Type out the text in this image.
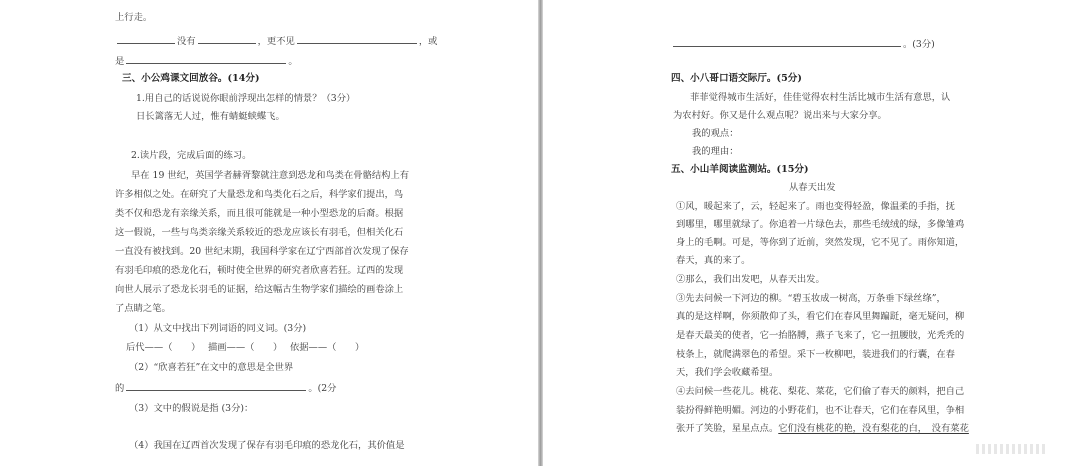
上行走。
没有	，更不见	，或
是	。
三、小公鸡课文回放谷。(14分)
1.用自己的话说说你眼前浮现出怎样的情景？（3分）
日长篱落无人过，惟有蜻蜓蛱蝶飞。
2.读片段，完成后面的练习。
早在 19 世纪，英国学者赫胥黎就注意到恐龙和鸟类在骨骼结构上有
许多相似之处。在研究了大量恐龙和鸟类化石之后，科学家们提出，鸟
类不仅和恐龙有亲缘关系，而且很可能就是一种小型恐龙的后裔。根据
这一假说，一些与鸟类亲缘关系较近的恐龙应该长有羽毛，但相关化石
一直没有被找到。20 世纪末期，我国科学家在辽宁西部首次发现了保存
有羽毛印痕的恐龙化石，顿时使全世界的研究者欣喜若狂。辽西的发现
向世人展示了恐龙长羽毛的证据，给这幅古生物学家们描绘的画卷涂上
了点睛之笔。
（1）从文中找出下列词语的同义词。(3分)
后代——（　　）　 描画——（　　）　 依据——（　　）
（2）“欣喜若狂”在文中的意思是全世界
的	。(2分
（3）文中的假说是指 (3分)：
（4）我国在辽西首次发现了保存有羽毛印痕的恐龙化石，其价值是
。(3分)
四、小八哥口语交际厅。(5分)
菲菲觉得城市生活好，佳佳觉得农村生活比城市生活有意思，认
为农村好。你又是什么观点呢？说出来与大家分享。
我的观点：
我的理由：
五、小山羊阅读监测站。(15分)
从春天出发
①风，暖起来了，云，轻起来了。雨也变得轻盈，像温柔的手指，抚
到哪里，哪里就绿了。你追着一片绿色去，那些毛绒绒的绿，多像雏鸡
身上的毛啊。可是，等你到了近前，突然发现，它不见了。雨你知道，
春天，真的来了。
②那么，我们出发吧，从春天出发。
③先去问候一下河边的柳。“碧玉妆成一树高，万条垂下绿丝绦”，
真的是这样啊，你须散仰了头，看它们在春风里舞蹁跹，毫无疑问，柳
是春天最美的使者，它一抬胳膊，燕子飞来了，它一扭腰肢，光秃秃的
枝条上，就爬满翠色的希望。采下一枚柳吧，装进我们的行囊，在春
天，我们学会收藏希望。
④去问候一些花儿。桃花、梨花、菜花，它们偷了春天的颜料，把自己
装扮得鲜艳明媚。河边的小野花们，也不让春天，它们在春风里，争相
张开了笑脸，星星点点。它们没有桃花的艳，没有梨花的白，　没有菜花
